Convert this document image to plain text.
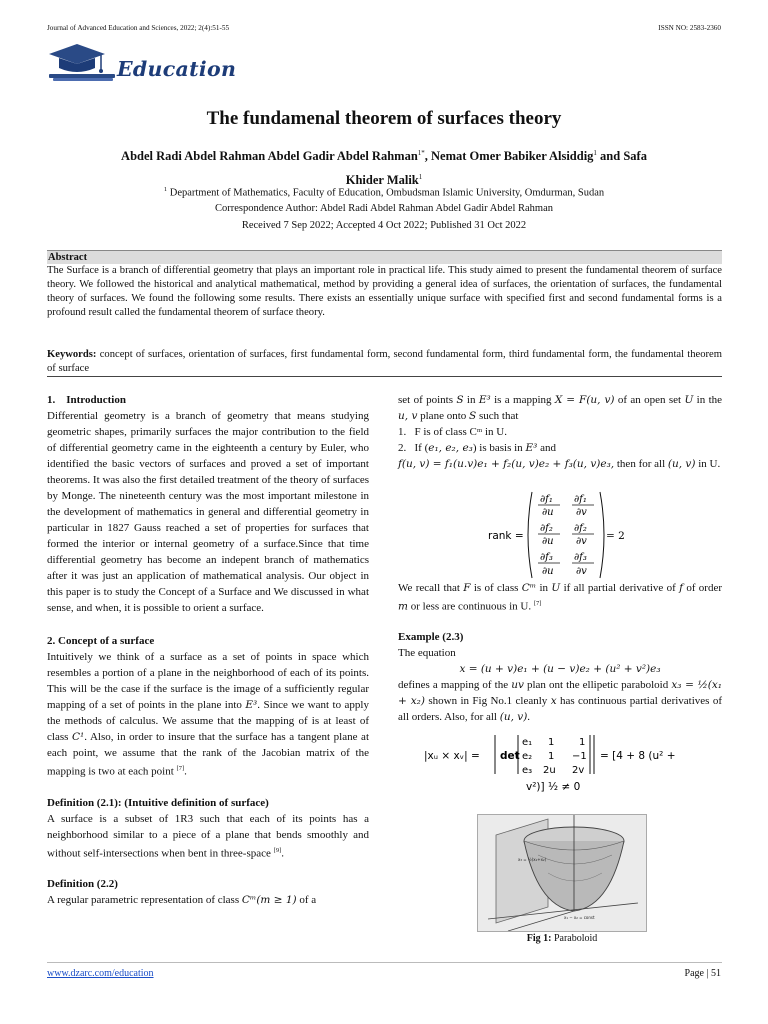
Journal of Advanced Education and Sciences, 2022; 2(4):51-55	ISSN NO: 2583-2360
Education
The fundamenal theorem of surfaces theory
Abdel Radi Abdel Rahman Abdel Gadir Abdel Rahman$^{1*}$, Nemat Omer Babiker Alsiddig$^1$ and Safa
Khider Malik$^1$
$^1$ Department of Mathematics, Faculty of Education, Ombudsman Islamic University, Omdurman, Sudan
Correspondence Author: Abdel Radi Abdel Rahman Abdel Gadir Abdel Rahman
Received 7 Sep 2022; Accepted 4 Oct 2022; Published 31 Oct 2022
Abstract
The Surface is a branch of differential geometry that plays an important role in practical life. This study aimed to present the fundamental theorem of surface theory. We followed the historical and analytical mathematical, method by providing a general idea of surfaces, the orientation of surfaces, the fundamental theory of surfaces. We found the following some results. There exists an essentially unique surface with specified first and second fundamental forms is a profound result called the fundamental theorem of surface theory.
Keywords: concept of surfaces, orientation of surfaces, first fundamental form, second fundamental form, third fundamental form, the fundamental theorem of surface
1.    Introduction
Differential geometry is a branch of geometry that means studying geometric shapes, primarily surfaces the major contribution to the field of differential geometry came in the eighteenth a century by Euler, who identified the basic vectors of surfaces and proved a set of important theorems. It was also the first detailed treatment of the theory of surfaces by Monge. The nineteenth century was the most important milestone in the development of mathematics in general and differential geometry in particular in 1827 Gauss reached a set of properties for surfaces that formed the interior or internal geometry of a surface.Since that time differential geometry has become an indepent branch of mathematics after it was just an application of mathematical analysis. Our object in this paper is to study the Concept of a Surface and We discussed in what sense, and when, it is possible to orient a surface.
2. Concept of a surface
Intuitively we think of a surface as a set of points in space which resembles a portion of a plane in the neighborhood of each of its points. This will be the case if the surface is the image of a sufficiently regular mapping of a set of points in the plane into E³. Since we want to apply the methods of calculus. We assume that the mapping of is at least of class C¹. Also, in order to insure that the surface has a tangent plane at each point, we assume that the rank of the Jacobian matrix of the mapping is two at each point [7].
Definition (2.1): (Intuitive definition of surface)
A surface is a subset of 1R3 such that each of its points has a neighborhood similar to a piece of a plane that bends smoothly and without self-intersections when bent in three-space [9].
Definition (2.2)
A regular parametric representation of class Cᵐ(m ≥ 1) of a
set of points S in E³ is a mapping X = F(u, v) of an open set U in the u, v plane onto S such that
1.   F is of class Cᵐ in U.
2.   If (e₁, e₂, e₃) is basis in E³ and
f(u, v) = f₁(u.v)e₁ + f₂(u, v)e₂ + f₃(u, v)e₃, then for all (u, v) in U.
rank =
∂f₁
∂u
∂f₁
∂v
∂f₂
∂u
∂f₂
∂v
∂f₃
∂u
∂f₃
∂v
= 2
We recall that F is of class Cᵐ in U if all partial derivative of f of order m or less are continuous in U. [7]
Example (2.3)
The equation
x = (u + v)e₁ + (u − v)e₂ + (u² + v²)e₃
defines a mapping of the uv plan ont the ellipetic paraboloid x₃ = ½(x₁ + x₂) shown in Fig No.1 cleanly x has continuous partial derivatives of all orders. Also, for all (u, v).
|xᵤ × xᵥ| = det
e₁ 1 1
e₂ 1 −1
e₃ 2u 2v
= [4 + 8 (u² +
v²)] ¹⁄₂ ≠ 0
x₃ = ½(x₁+x₂)
x₁ − x₂ = const
Fig 1: Paraboloid
www.dzarc.com/education	Page | 51
